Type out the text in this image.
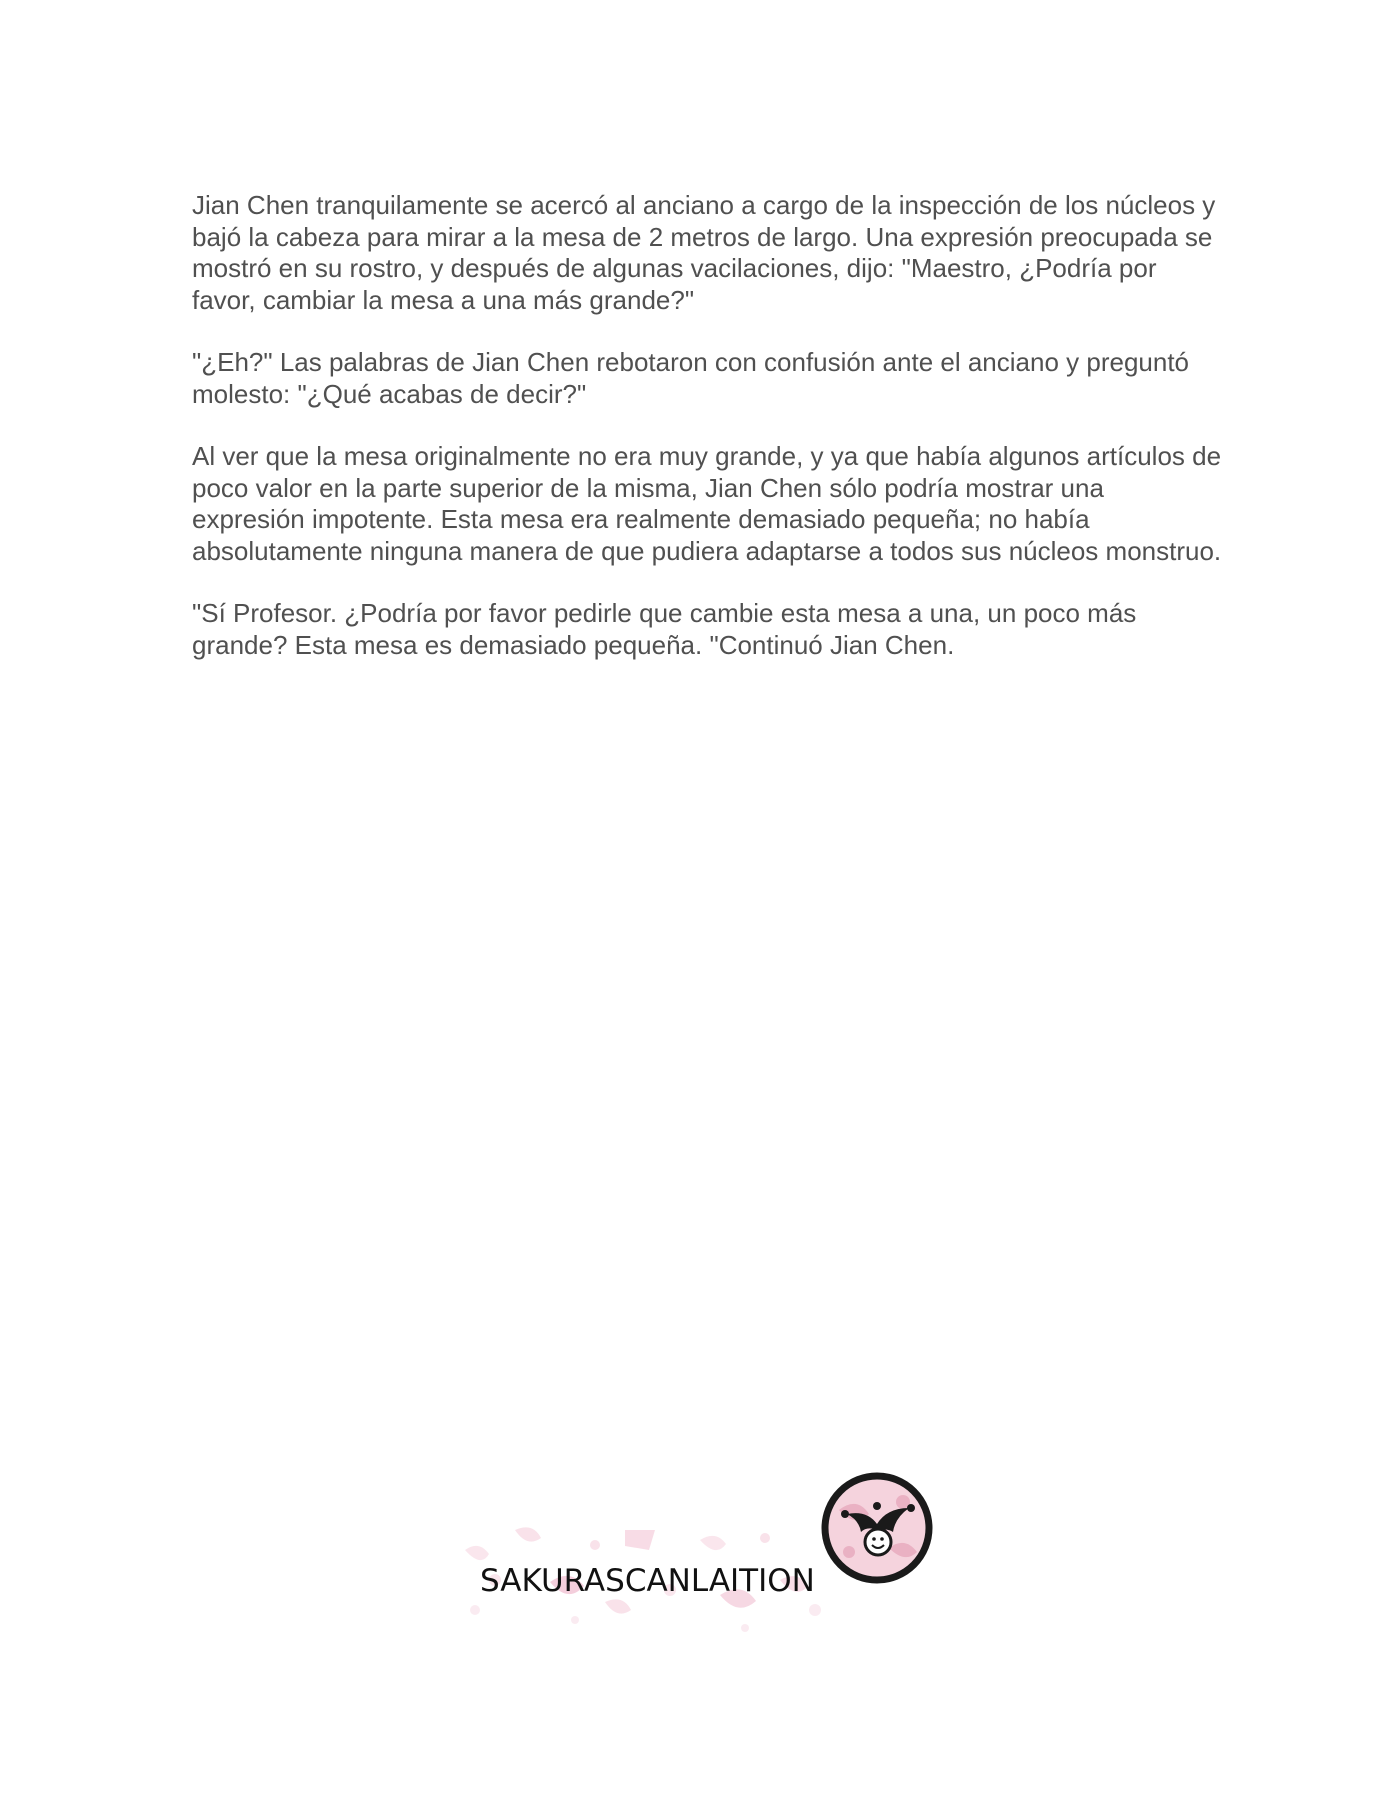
Jian Chen tranquilamente se acercó al anciano a cargo de la inspección de los núcleos y bajó la cabeza para mirar a la mesa de 2 metros de largo. Una expresión preocupada se mostró en su rostro, y después de algunas vacilaciones, dijo: "Maestro, ¿Podría por favor, cambiar la mesa a una más grande?"

"¿Eh?" Las palabras de Jian Chen rebotaron con confusión ante el anciano y preguntó molesto: "¿Qué acabas de decir?"

Al ver que la mesa originalmente no era muy grande, y ya que había algunos artículos de poco valor en la parte superior de la misma, Jian Chen sólo podría mostrar una expresión impotente. Esta mesa era realmente demasiado pequeña; no había absolutamente ninguna manera de que pudiera adaptarse a todos sus núcleos monstruo.

"Sí Profesor. ¿Podría por favor pedirle que cambie esta mesa a una, un poco más grande? Esta mesa es demasiado pequeña. "Continuó Jian Chen.

SAKURASCANLAITION
